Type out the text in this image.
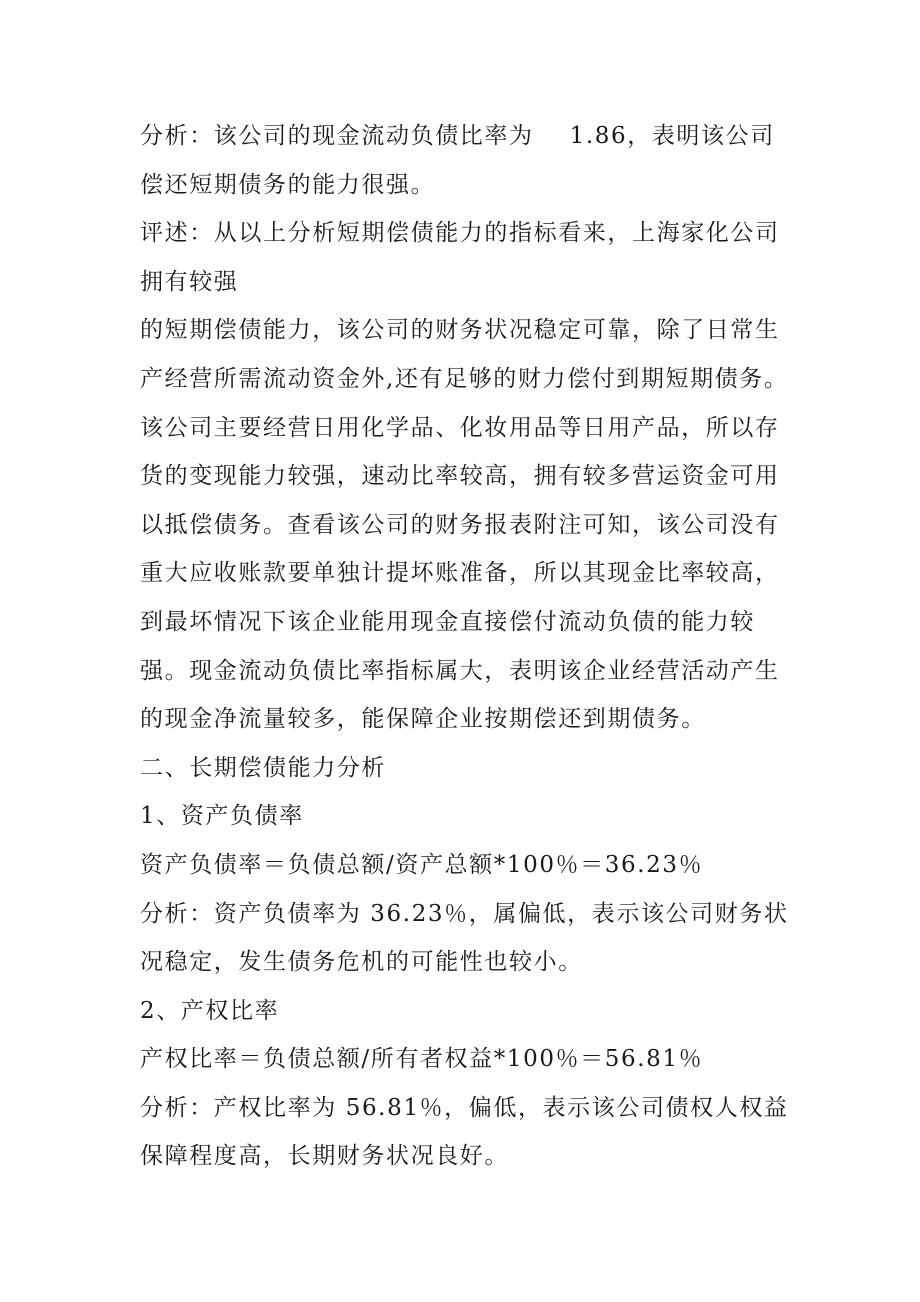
分析：该公司的现金流动负债比率为 1.86，表明该公司
偿还短期债务的能力很强。
评述：从以上分析短期偿债能力的指标看来，上海家化公司
拥有较强
的短期偿债能力，该公司的财务状况稳定可靠，除了日常生
产经营所需流动资金外,还有足够的财力偿付到期短期债务。
该公司主要经营日用化学品、化妆用品等日用产品，所以存
货的变现能力较强，速动比率较高，拥有较多营运资金可用
以抵偿债务。查看该公司的财务报表附注可知，该公司没有
重大应收账款要单独计提坏账准备，所以其现金比率较高，
到最坏情况下该企业能用现金直接偿付流动负债的能力较
强。现金流动负债比率指标属大，表明该企业经营活动产生
的现金净流量较多，能保障企业按期偿还到期债务。
二、长期偿债能力分析
1、资产负债率
资产负债率＝负债总额/资产总额*100％＝36.23％
分析：资产负债率为 36.23％，属偏低，表示该公司财务状
况稳定，发生债务危机的可能性也较小。
2、产权比率
产权比率＝负债总额/所有者权益*100％＝56.81％
分析：产权比率为 56.81％，偏低，表示该公司债权人权益
保障程度高，长期财务状况良好。
